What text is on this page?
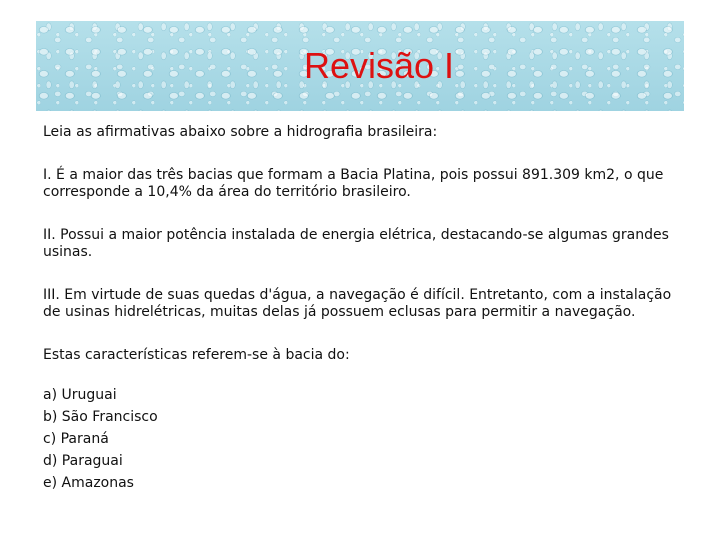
Revisão I

Leia as afirmativas abaixo sobre a hidrografia brasileira:

I. É a maior das três bacias que formam a Bacia Platina, pois possui 891.309 km2, o que corresponde a 10,4% da área do território brasileiro.

II. Possui a maior potência instalada de energia elétrica, destacando-se algumas grandes usinas.

III. Em virtude de suas quedas d'água, a navegação é difícil. Entretanto, com a instalação de usinas hidrelétricas, muitas delas já possuem eclusas para permitir a navegação.

Estas características referem-se à bacia do:

a) Uruguai
b) São Francisco
c) Paraná
d) Paraguai
e) Amazonas
